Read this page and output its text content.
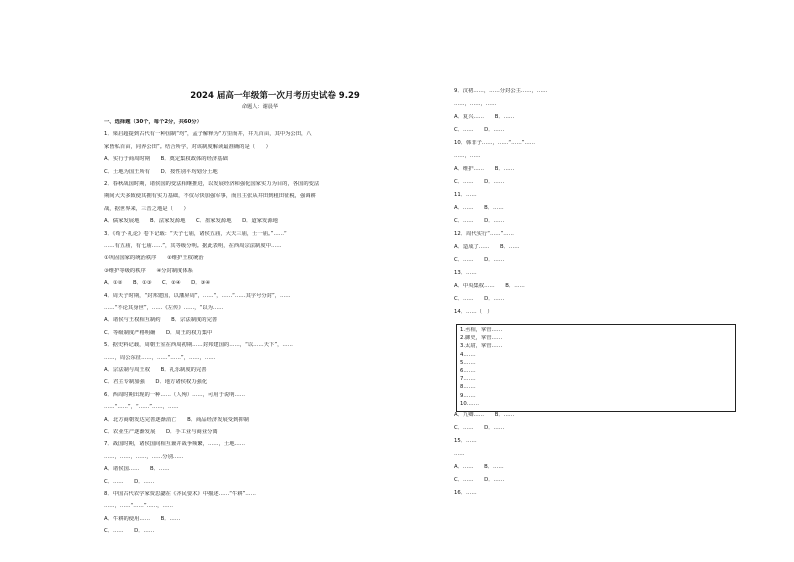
2024 届高一年级第一次月考历史试卷 9.29
命题人：谢晨华
一、选择题（30个，每个2分，共60分）
1．梁启超提到古代有一种国制“均”，孟子解释为“方里而井，井九百亩，其中为公田，八
家皆私百亩，同养公田”。结合所学，对该制度解读最准确的是（　　）
A．实行于商周时期　　B．奠定集权政体的经济基础
C．土地为国王所有　　D．按性别平均划分土地
2．春秋战国时期，诸侯国的变法相继推进，以发展经济和强化国家实力为目的，各国的变法
期间大夫多致使其拥有实力基础，不仅尽快加强军事，而且主张从井田到租田征税，强调耕
战，据世界来，三晋之地是（　　）
A．儒家发展地　　B．法家发源地　　C．墨家发源地　　D．道家发源地
3．《荀子·礼论》卷下记载：“天子七庙，诸侯五庙，大夫三庙，士一庙。”……“
……有五庙，有七庙……”，其等级分明。据此表明，在西周宗法制度中……
①巩固国家的统治秩序　　②维护王权统治
③维护等级的秩序　　④分封制度体系
A．①②　　B．①③　　C．②④　　D．③④
4．周天子时期，“封邦建国，以藩屏周”，……“，……“……其字号分封”，……
……“不论其身世”，……《左传》……，“以为……
A．诸侯与王权相互制约　　B．宗法制度的完善
C．等级制度严格明确　　D．周王的权力集中
5．据史料记载，周朝王室在西周初期……封邦建国的……，“以……天下”，……
……，周公东征……，……“……”，……，……
A．宗法制与周王权　　B．礼乐制度的完善
C．君主专制加强　　D．地方诸侯权力强化
6．西周时期出现的一种……（人殉）……，可用于说明……
……“……”，“……”……，……
A．北方商朝发达完善逐渐消亡　　B．商品经济发展受到抑制
C．农业生产逐渐发展　　D．手工业与商业分离
7．战国时期，诸侯国间相互兼并战争频繁，……，土地……
……，……，……，……分别……
A．诸侯国……　　B．……
C．……　　D．……
8．中国古代农学家贾思勰在《齐民要术》中描述……“牛耕”……
……，……“……”……，……
A．牛耕的使用……　　B．……
C．……　　D．……
9．汉初……，……分封公主……，……
……，……，……
A．复兴……　　B．……
C．……　　D．……
10．韩非子……，……“……”……
……，……
A．维护……　　B．……
C．……　　D．……
11．……
A．……　　B．……
C．……　　D．……
12．周代实行“……”……
A．造成了……　　B．……
C．……　　D．……
13．……
A．中央集权……　　B．……
C．……　　D．……
14．……（　）
1.丞相，掌管……
2.御史，掌管……
3.太尉，掌管……
4.……
5.……
6.……
7.……
8.……
9.……
10.……
A．九卿……　　B．……
C．……　　D．……
15．……
……
A．……　　B．……
C．……　　D．……
16．……
